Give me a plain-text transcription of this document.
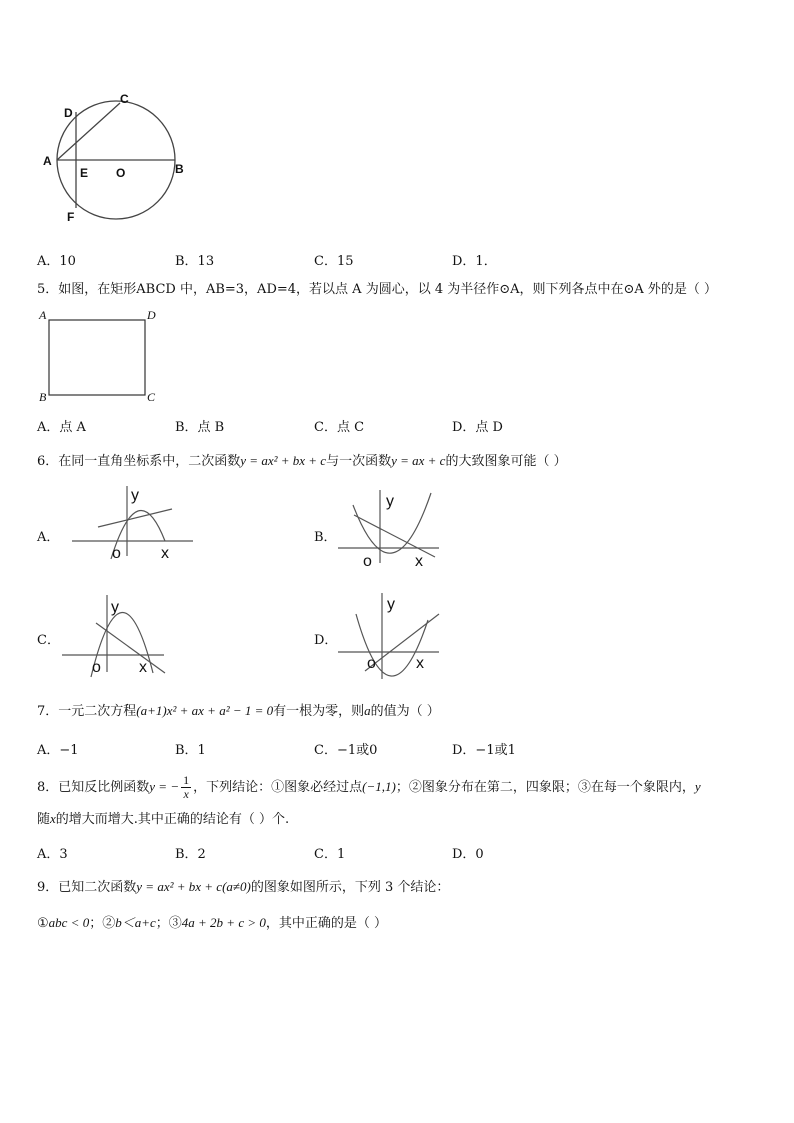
C
D
A
E O	B
F
A．10	B．13	C．15	D．1．
5．如图，在矩形ABCD 中，AB=3，AD=4，若以点 A 为圆心，以 4 为半径作⊙A，则下列各点中在⊙A 外的是（ ）
A	D
B	C
A．点 A	B．点 B	C．点 C	D．点 D
6．在同一直角坐标系中，二次函数y = ax² + bx + c与一次函数y = ax + c的大致图象可能（ ）
A．
y
o	x
B．
y
o	x
C．
y
o x
D．
y
o	x
7．一元二次方程(a+1)x² + ax + a² − 1 = 0有一根为零，则a的值为（ ）
A．−1	B．1	C．−1或0	D．−1或1
8．已知反比例函数y = − $\frac{1}{x}$ ，下列结论：①图象必经过点(−1,1)；②图象分布在第二，四象限；③在每一个象限内，y
随x的增大而增大.其中正确的结论有（ ）个.
A．3	B．2	C．1	D．0
9．已知二次函数y = ax² + bx + c(a≠0)的图象如图所示，下列 3 个结论：
①abc < 0；②b＜a+c；③4a + 2b + c > 0，其中正确的是（ ）
